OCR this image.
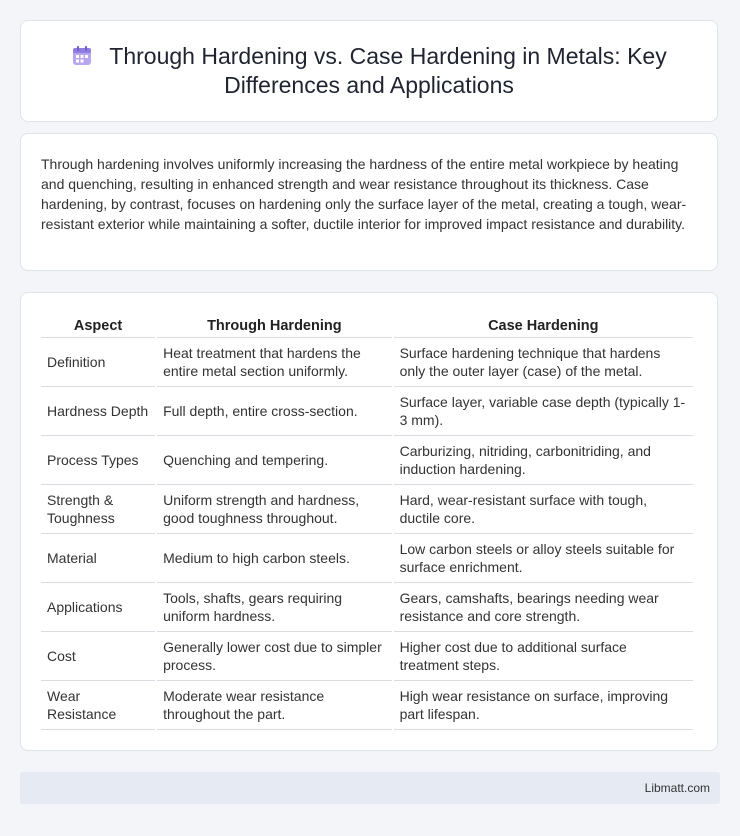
Through Hardening vs. Case Hardening in Metals: Key Differences and Applications
Through hardening involves uniformly increasing the hardness of the entire metal workpiece by heating and quenching, resulting in enhanced strength and wear resistance throughout its thickness. Case hardening, by contrast, focuses on hardening only the surface layer of the metal, creating a tough, wear-resistant exterior while maintaining a softer, ductile interior for improved impact resistance and durability.
Aspect	Through Hardening	Case Hardening
Definition	Heat treatment that hardens the entire metal section uniformly.	Surface hardening technique that hardens only the outer layer (case) of the metal.
Hardness Depth	Full depth, entire cross-section.	Surface layer, variable case depth (typically 1-3 mm).
Process Types	Quenching and tempering.	Carburizing, nitriding, carbonitriding, and induction hardening.
Strength & Toughness	Uniform strength and hardness, good toughness throughout.	Hard, wear-resistant surface with tough, ductile core.
Material	Medium to high carbon steels.	Low carbon steels or alloy steels suitable for surface enrichment.
Applications	Tools, shafts, gears requiring uniform hardness.	Gears, camshafts, bearings needing wear resistance and core strength.
Cost	Generally lower cost due to simpler process.	Higher cost due to additional surface treatment steps.
Wear Resistance	Moderate wear resistance throughout the part.	High wear resistance on surface, improving part lifespan.
Libmatt.com
